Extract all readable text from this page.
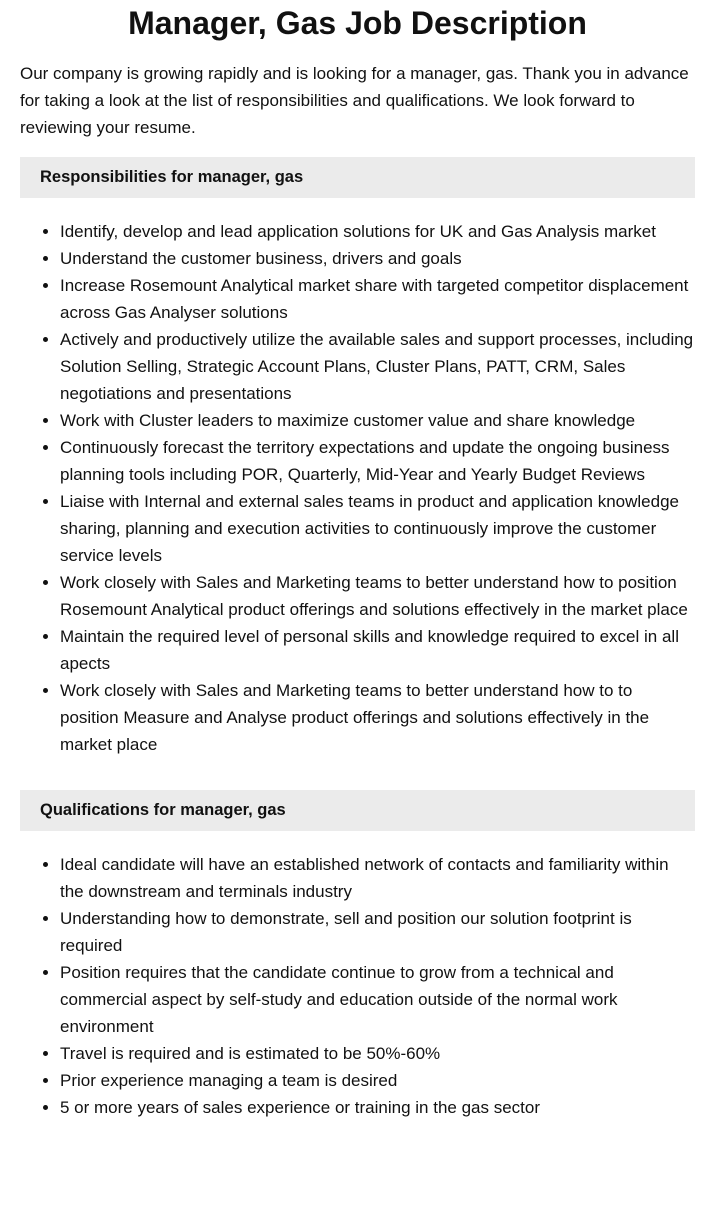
Manager, Gas Job Description

Our company is growing rapidly and is looking for a manager, gas. Thank you in advance for taking a look at the list of responsibilities and qualifications. We look forward to reviewing your resume.

Responsibilities for manager, gas
• Identify, develop and lead application solutions for UK and Gas Analysis market
• Understand the customer business, drivers and goals
• Increase Rosemount Analytical market share with targeted competitor displacement across Gas Analyser solutions
• Actively and productively utilize the available sales and support processes, including Solution Selling, Strategic Account Plans, Cluster Plans, PATT, CRM, Sales negotiations and presentations
• Work with Cluster leaders to maximize customer value and share knowledge
• Continuously forecast the territory expectations and update the ongoing business planning tools including POR, Quarterly, Mid-Year and Yearly Budget Reviews
• Liaise with Internal and external sales teams in product and application knowledge sharing, planning and execution activities to continuously improve the customer service levels
• Work closely with Sales and Marketing teams to better understand how to position Rosemount Analytical product offerings and solutions effectively in the market place
• Maintain the required level of personal skills and knowledge required to excel in all apects
• Work closely with Sales and Marketing teams to better understand how to to position Measure and Analyse product offerings and solutions effectively in the market place
Qualifications for manager, gas
• Ideal candidate will have an established network of contacts and familiarity within the downstream and terminals industry
• Understanding how to demonstrate, sell and position our solution footprint is required
• Position requires that the candidate continue to grow from a technical and commercial aspect by self-study and education outside of the normal work environment
• Travel is required and is estimated to be 50%-60%
• Prior experience managing a team is desired
• 5 or more years of sales experience or training in the gas sector
